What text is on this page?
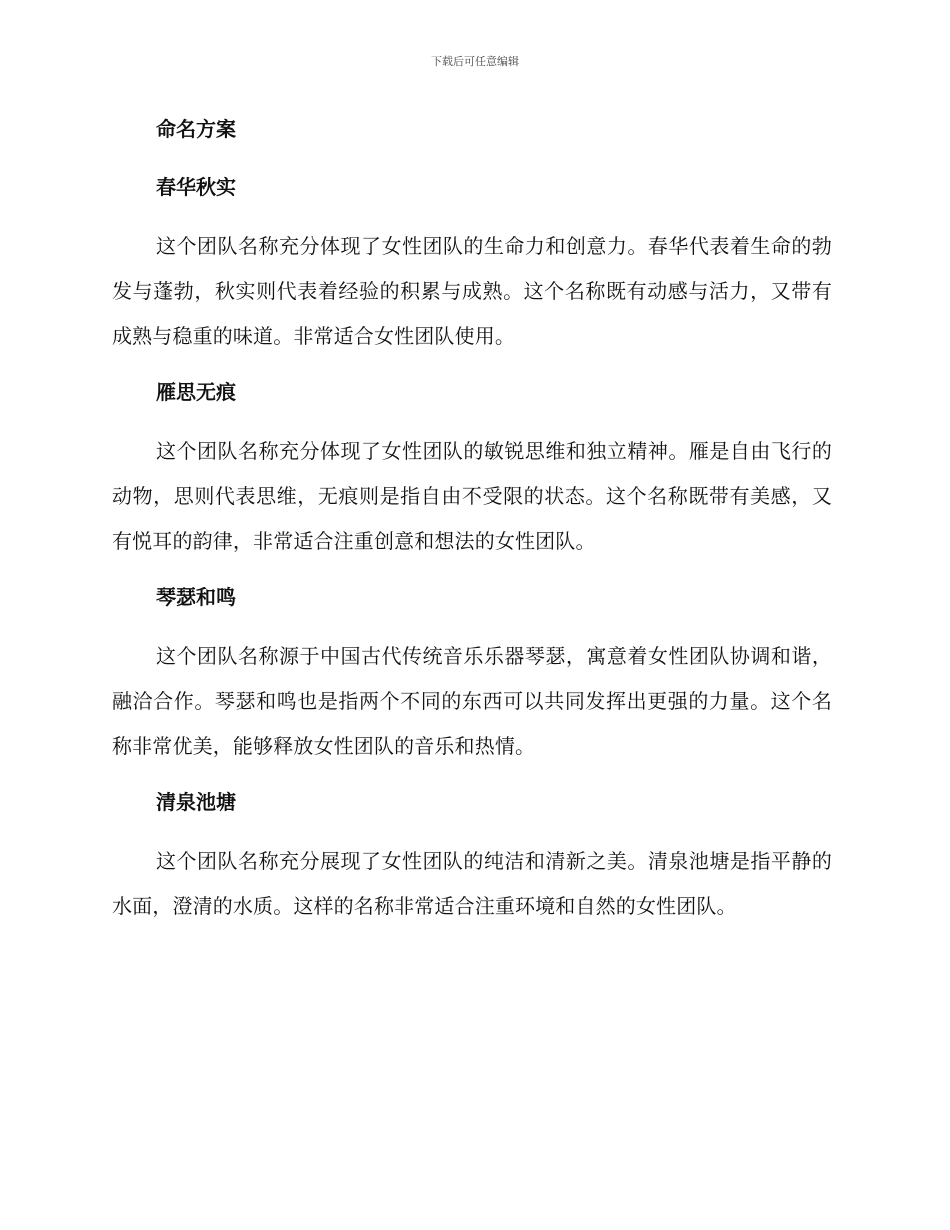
下载后可任意编辑
命名方案
春华秋实

这个团队名称充分体现了女性团队的生命力和创意力。春华代表着生命的勃发与蓬勃，秋实则代表着经验的积累与成熟。这个名称既有动感与活力，又带有成熟与稳重的味道。非常适合女性团队使用。

雁思无痕

这个团队名称充分体现了女性团队的敏锐思维和独立精神。雁是自由飞行的动物，思则代表思维，无痕则是指自由不受限的状态。这个名称既带有美感，又有悦耳的韵律，非常适合注重创意和想法的女性团队。

琴瑟和鸣

这个团队名称源于中国古代传统音乐乐器琴瑟，寓意着女性团队协调和谐，融洽合作。琴瑟和鸣也是指两个不同的东西可以共同发挥出更强的力量。这个名称非常优美，能够释放女性团队的音乐和热情。

清泉池塘

这个团队名称充分展现了女性团队的纯洁和清新之美。清泉池塘是指平静的水面，澄清的水质。这样的名称非常适合注重环境和自然的女性团队。
